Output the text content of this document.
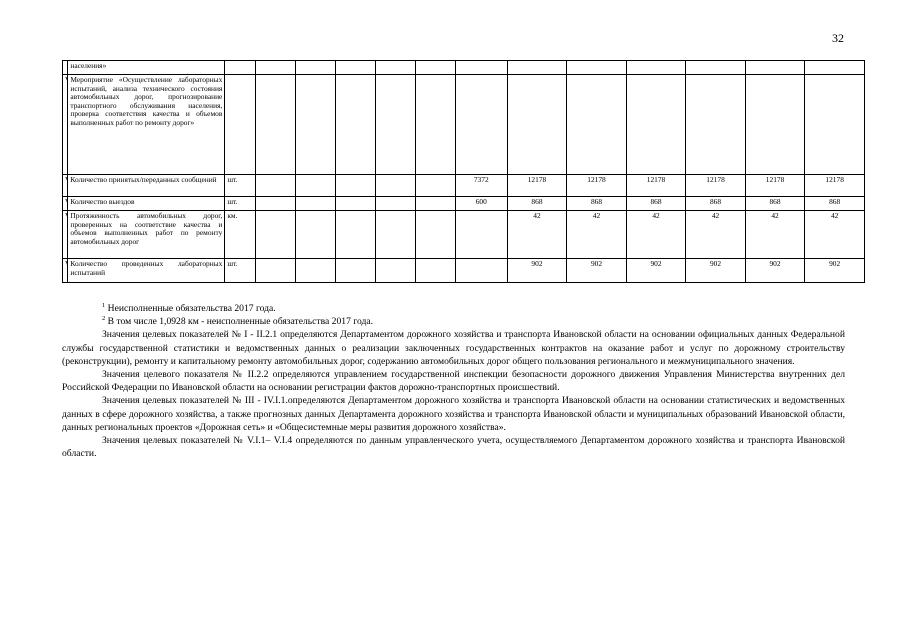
32
	населения»													
	Мероприятие «Осуществление лабораторных испытаний, анализа технического состояния автомобильных дорог, прогнозирование транспортного обслуживания населения, проверка соответствия качества и объемов выполненных работ по ремонту дорог»													
	Количество принятых/переданных сообщений	шт.						7372	12178	12178	12178	12178	12178	12178
	Количество выездов	шт.						600	868	868	868	868	868	868
	Протяженность автомобильных дорог, проверенных на соответствие качества и объемов выполненных работ по ремонту автомобильных дорог	км.							42	42	42	42	42	42
	Количество проведенных лабораторных испытаний	шт.							902	902	902	902	902	902

$^1$ Неисполненные обязательства 2017 года.

$^2$ В том числе 1,0928 км - неисполненные обязательства 2017 года.

Значения целевых показателей № I - II.2.1 определяются Департаментом дорожного хозяйства и транспорта Ивановской области на основании официальных данных Федеральной службы государственной статистики и ведомственных данных о реализации заключенных государственных контрактов на оказание работ и услуг по дорожному строительству (реконструкции), ремонту и капитальному ремонту автомобильных дорог, содержанию автомобильных дорог общего пользования регионального и межмуниципального значения.

Значения целевого показателя № II.2.2 определяются управлением государственной инспекции безопасности дорожного движения Управления Министерства внутренних дел Российской Федерации по Ивановской области на основании регистрации фактов дорожно-транспортных происшествий.

Значения целевых показателей № III - IV.I.1.определяются Департаментом дорожного хозяйства и транспорта Ивановской области на основании статистических и ведомственных данных в сфере дорожного хозяйства, а также прогнозных данных Департамента дорожного хозяйства и транспорта Ивановской области и муниципальных образований Ивановской области, данных региональных проектов «Дорожная сеть» и «Общесистемные меры развития дорожного хозяйства».

Значения целевых показателей № V.I.1– V.I.4 определяются по данным управленческого учета, осуществляемого Департаментом дорожного хозяйства и транспорта Ивановской области.
